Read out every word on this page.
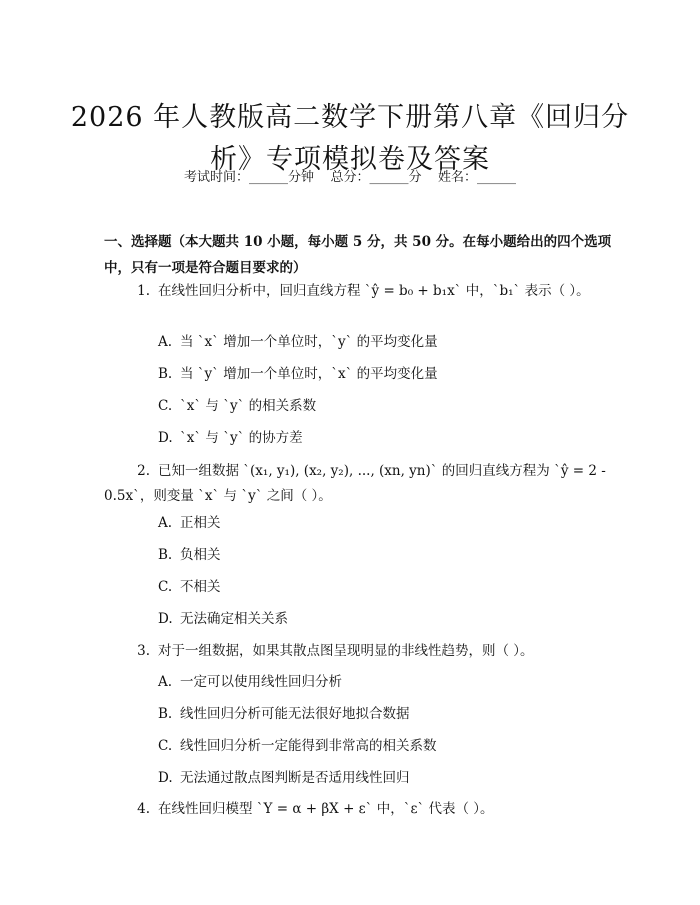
2026 年人教版高二数学下册第八章《回归分
析》专项模拟卷及答案
考试时间：______分钟    总分：______分    姓名：______
一、选择题（本大题共 10 小题，每小题 5 分，共 50 分。在每小题给出的四个选项中，只有一项是符合题目要求的）
1. 在线性回归分析中，回归直线方程 `ŷ = b₀ + b₁x` 中，`b₁` 表示（ ）。
A. 当 `x` 增加一个单位时，`y` 的平均变化量
B. 当 `y` 增加一个单位时，`x` 的平均变化量
C. `x` 与 `y` 的相关系数
D. `x` 与 `y` 的协方差
2. 已知一组数据 `(x₁, y₁), (x₂, y₂), ..., (xn, yn)` 的回归直线方程为 `ŷ = 2 - 0.5x`，则变量 `x` 与 `y` 之间（ ）。
A. 正相关
B. 负相关
C. 不相关
D. 无法确定相关关系
3. 对于一组数据，如果其散点图呈现明显的非线性趋势，则（ ）。
A. 一定可以使用线性回归分析
B. 线性回归分析可能无法很好地拟合数据
C. 线性回归分析一定能得到非常高的相关系数
D. 无法通过散点图判断是否适用线性回归
4. 在线性回归模型 `Y = α + βX + ε` 中，`ε` 代表（ ）。
